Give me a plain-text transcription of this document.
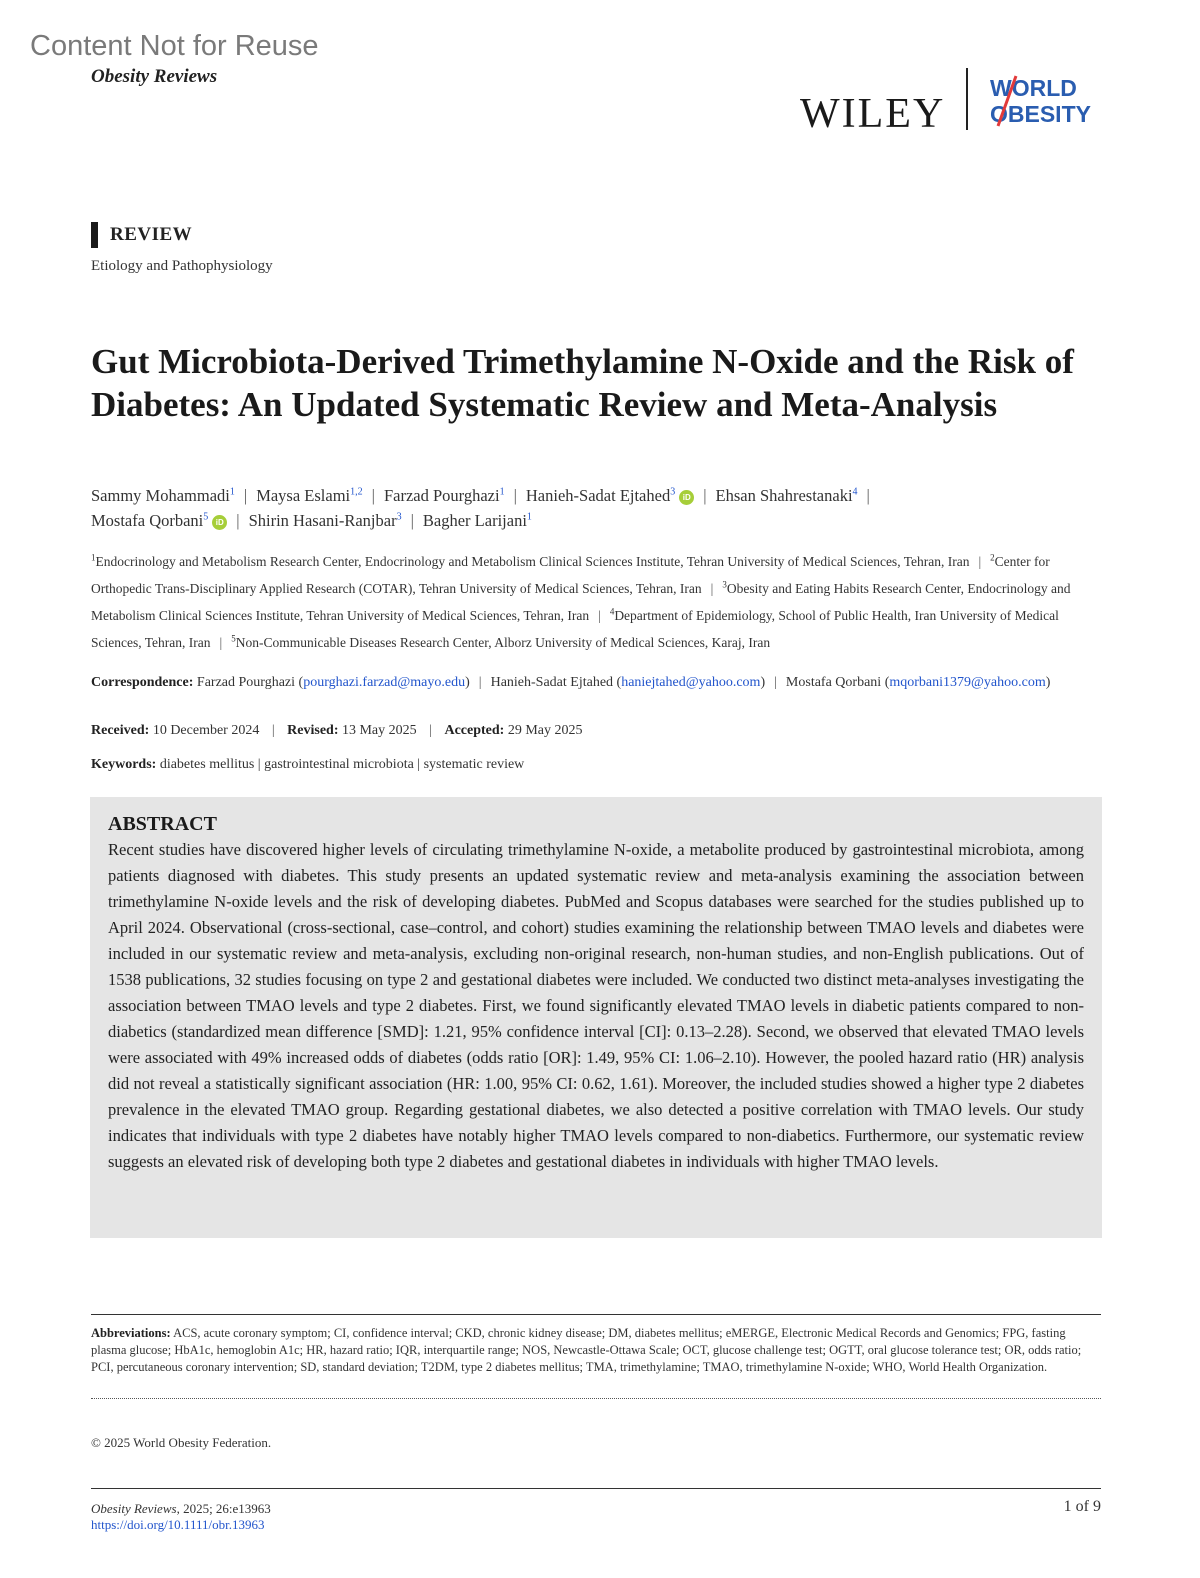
Content Not for Reuse
Obesity Reviews
WILEY
WORLD
OBESITY
REVIEW
Etiology and Pathophysiology
Gut Microbiota-Derived Trimethylamine N-Oxide and the Risk of Diabetes: An Updated Systematic Review and Meta-Analysis
Sammy Mohammadi$^1$ | Maysa Eslami$^{1,2}$ | Farzad Pourghazi$^1$ | Hanieh-Sadat Ejtahed$^3$ iD | Ehsan Shahrestanaki$^4$ |
Mostafa Qorbani$^5$ iD | Shirin Hasani-Ranjbar$^3$ | Bagher Larijani$^1$
$^1$Endocrinology and Metabolism Research Center, Endocrinology and Metabolism Clinical Sciences Institute, Tehran University of Medical Sciences, Tehran, Iran | $^2$Center for Orthopedic Trans-Disciplinary Applied Research (COTAR), Tehran University of Medical Sciences, Tehran, Iran | $^3$Obesity and Eating Habits Research Center, Endocrinology and Metabolism Clinical Sciences Institute, Tehran University of Medical Sciences, Tehran, Iran | $^4$Department of Epidemiology, School of Public Health, Iran University of Medical Sciences, Tehran, Iran | $^5$Non-Communicable Diseases Research Center, Alborz University of Medical Sciences, Karaj, Iran
Correspondence: Farzad Pourghazi (pourghazi.farzad@mayo.edu) | Hanieh-Sadat Ejtahed (haniejtahed@yahoo.com) | Mostafa Qorbani (mqorbani1379@yahoo.com)
Received: 10 December 2024 | Revised: 13 May 2025 | Accepted: 29 May 2025
Keywords: diabetes mellitus | gastrointestinal microbiota | systematic review
ABSTRACT

Recent studies have discovered higher levels of circulating trimethylamine N-oxide, a metabolite produced by gastrointestinal microbiota, among patients diagnosed with diabetes. This study presents an updated systematic review and meta-analysis examining the association between trimethylamine N-oxide levels and the risk of developing diabetes. PubMed and Scopus databases were searched for the studies published up to April 2024. Observational (cross-sectional, case–control, and cohort) studies examining the relationship between TMAO levels and diabetes were included in our systematic review and meta-analysis, excluding non-original research, non-human studies, and non-English publications. Out of 1538 publications, 32 studies focusing on type 2 and gestational diabetes were included. We conducted two distinct meta-analyses investigating the association between TMAO levels and type 2 diabetes. First, we found significantly elevated TMAO levels in diabetic patients compared to non-diabetics (standardized mean difference [SMD]: 1.21, 95% confidence interval [CI]: 0.13–2.28). Second, we observed that elevated TMAO levels were associated with 49% increased odds of diabetes (odds ratio [OR]: 1.49, 95% CI: 1.06–2.10). However, the pooled hazard ratio (HR) analysis did not reveal a statistically significant association (HR: 1.00, 95% CI: 0.62, 1.61). Moreover, the included studies showed a higher type 2 diabetes prevalence in the elevated TMAO group. Regarding gestational diabetes, we also detected a positive correlation with TMAO levels. Our study indicates that individuals with type 2 diabetes have notably higher TMAO levels compared to non-diabetics. Furthermore, our systematic review suggests an elevated risk of developing both type 2 diabetes and gestational diabetes in individuals with higher TMAO levels.

Abbreviations: ACS, acute coronary symptom; CI, confidence interval; CKD, chronic kidney disease; DM, diabetes mellitus; eMERGE, Electronic Medical Records and Genomics; FPG, fasting plasma glucose; HbA1c, hemoglobin A1c; HR, hazard ratio; IQR, interquartile range; NOS, Newcastle-Ottawa Scale; OCT, glucose challenge test; OGTT, oral glucose tolerance test; OR, odds ratio; PCI, percutaneous coronary intervention; SD, standard deviation; T2DM, type 2 diabetes mellitus; TMA, trimethylamine; TMAO, trimethylamine N-oxide; WHO, World Health Organization.
© 2025 World Obesity Federation.
Obesity Reviews, 2025; 26:e13963
https://doi.org/10.1111/obr.13963
1 of 9
